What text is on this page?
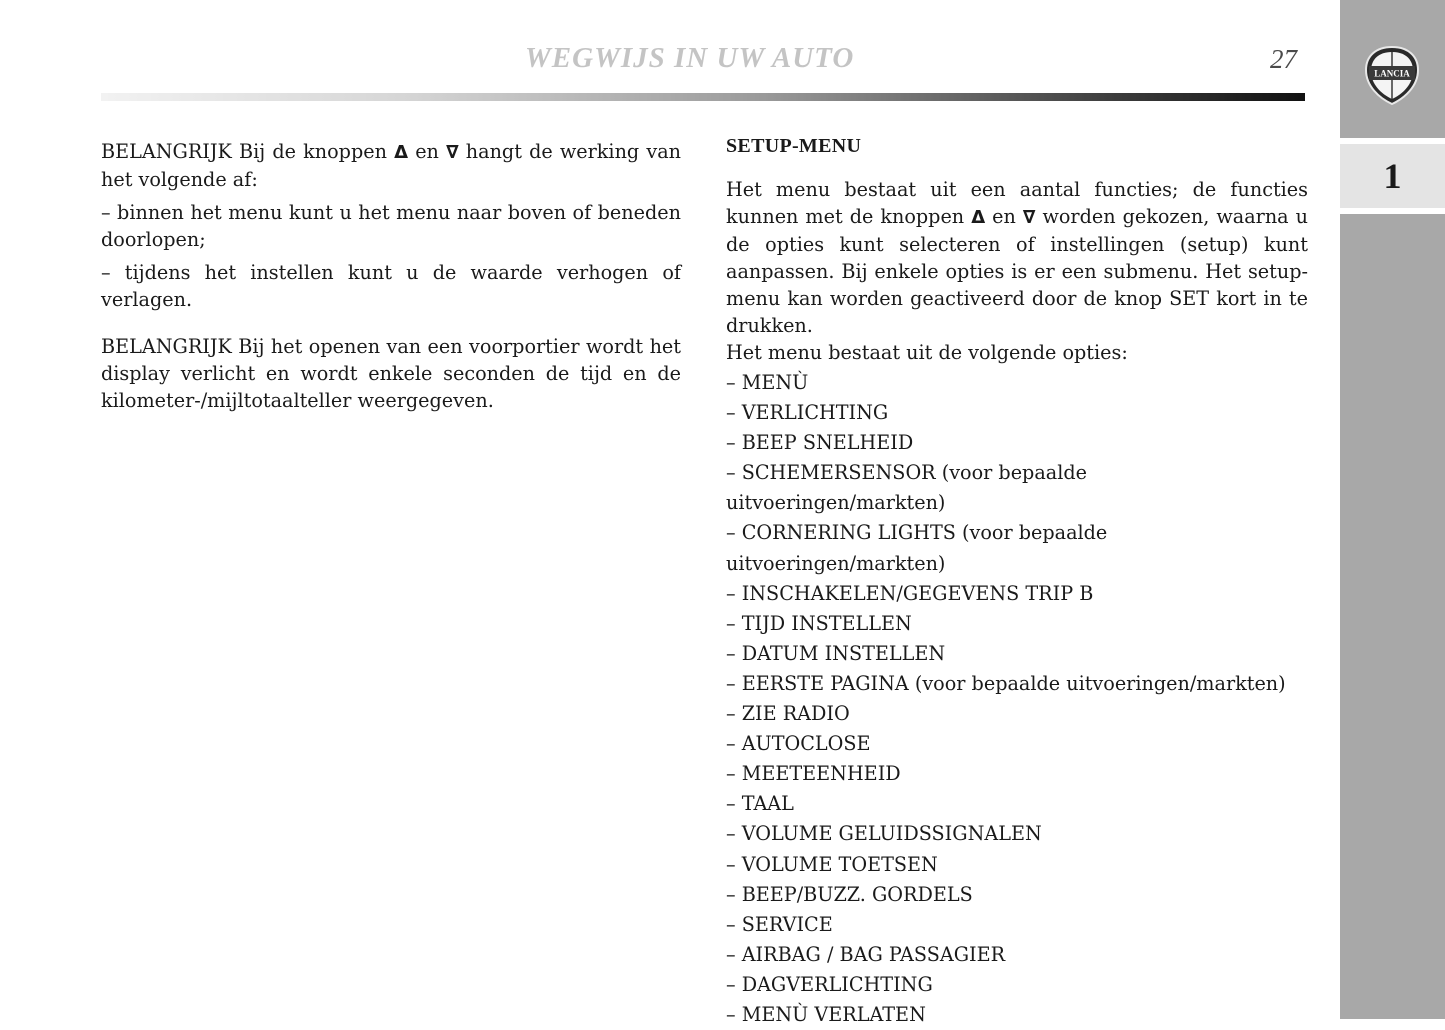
WEGWIJS IN UW AUTO	27	LANCIA
1

BELANGRIJK Bij de knoppen Δ en ∇ hangt de werking van het volgende af:

– binnen het menu kunt u het menu naar boven of beneden doorlopen;

– tijdens het instellen kunt u de waarde verhogen of verlagen.

BELANGRIJK Bij het openen van een voorportier wordt het display verlicht en wordt enkele seconden de tijd en de kilometer-/mijltotaalteller weergegeven.

SETUP-MENU

Het menu bestaat uit een aantal functies; de functies kunnen met de knoppen Δ en ∇ worden gekozen, waarna u de opties kunt selecteren of instellingen (setup) kunt aanpassen. Bij enkele opties is er een submenu. Het setup-menu kan worden geactiveerd door de knop SET kort in te drukken.

Het menu bestaat uit de volgende opties:

– MENÙ
– VERLICHTING
– BEEP SNELHEID
– SCHEMERSENSOR (voor bepaalde uitvoeringen/markten)
– CORNERING LIGHTS (voor bepaalde uitvoeringen/markten)
– INSCHAKELEN/GEGEVENS TRIP B
– TIJD INSTELLEN
– DATUM INSTELLEN
– EERSTE PAGINA (voor bepaalde uitvoeringen/markten)
– ZIE RADIO
– AUTOCLOSE
– MEETEENHEID
– TAAL
– VOLUME GELUIDSSIGNALEN
– VOLUME TOETSEN
– BEEP/BUZZ. GORDELS
– SERVICE
– AIRBAG / BAG PASSAGIER
– DAGVERLICHTING
– MENÙ VERLATEN
